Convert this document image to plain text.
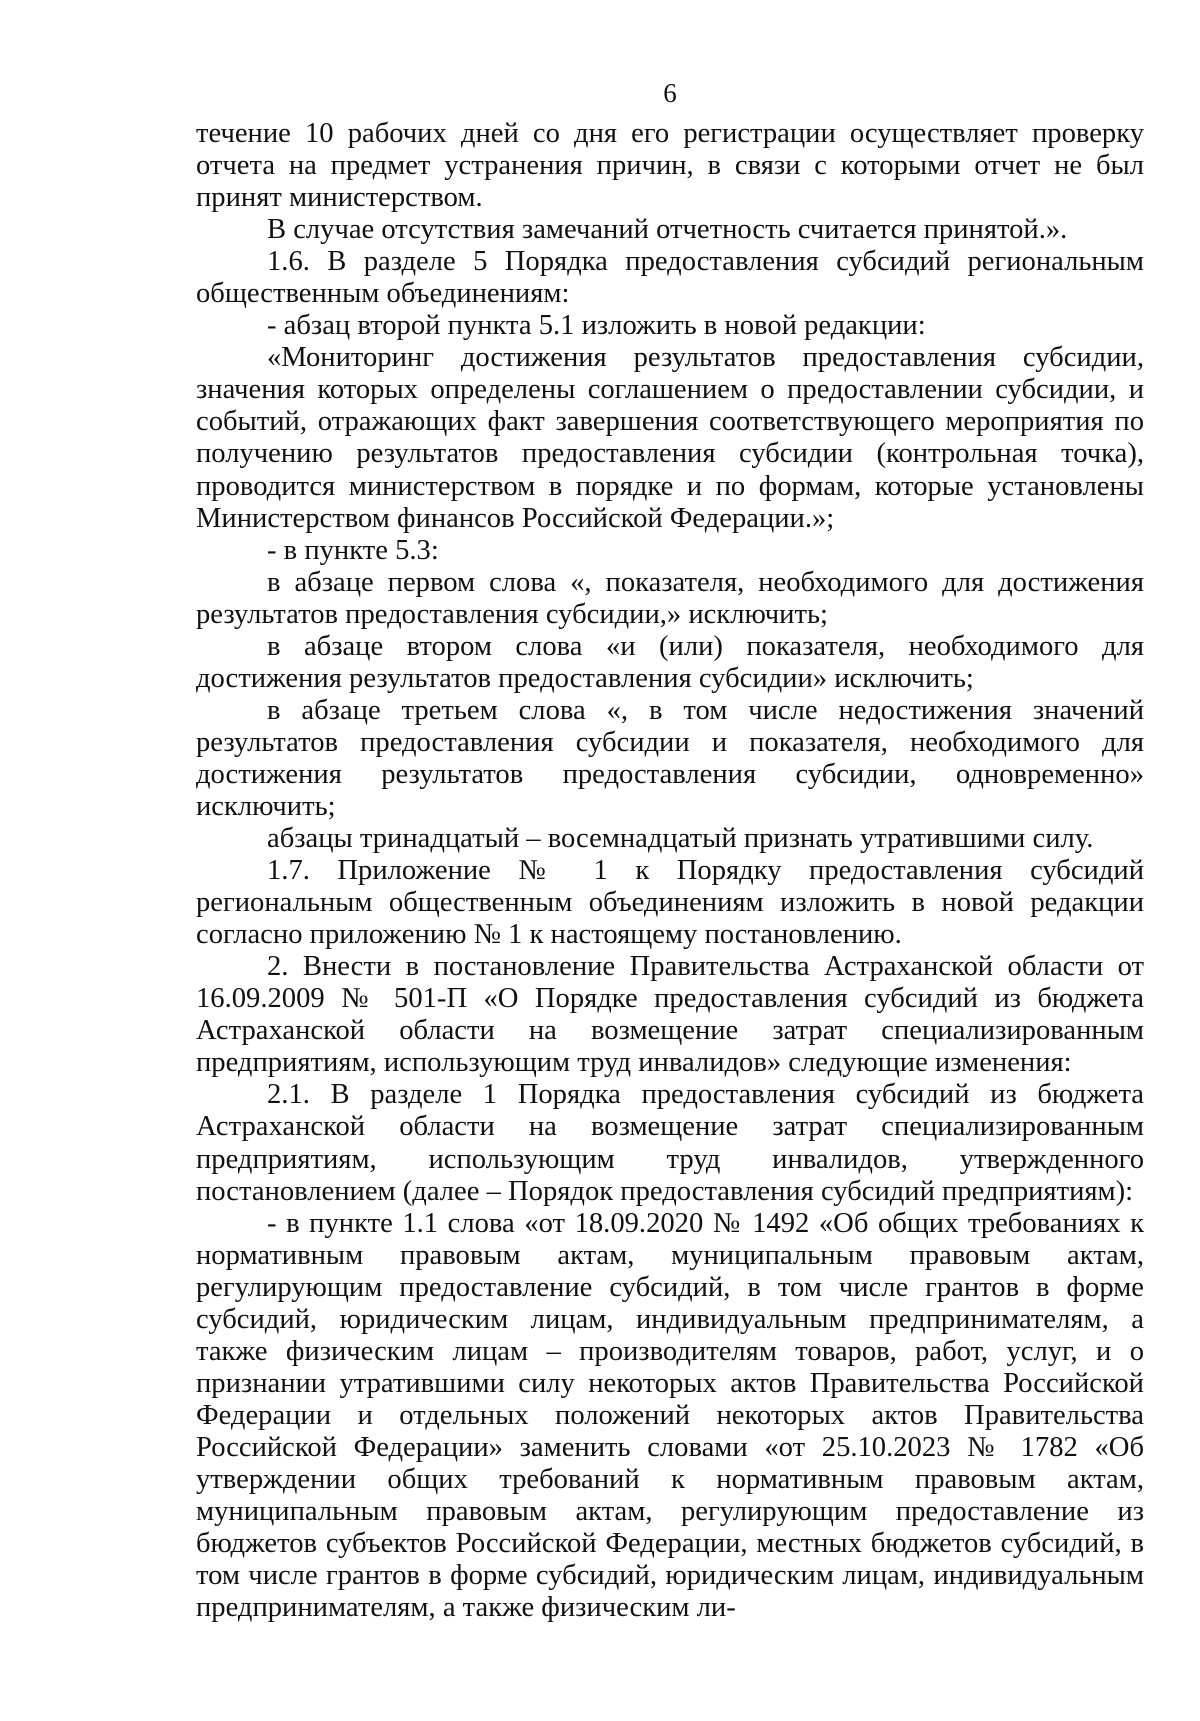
6

течение 10 рабочих дней со дня его регистрации осуществляет проверку отчета на предмет устранения причин, в связи с которыми отчет не был принят министерством.

В случае отсутствия замечаний отчетность считается принятой.».

1.6. В разделе 5 Порядка предоставления субсидий региональным общественным объединениям:

- абзац второй пункта 5.1 изложить в новой редакции:

«Мониторинг достижения результатов предоставления субсидии, значения которых определены соглашением о предоставлении субсидии, и событий, отражающих факт завершения соответствующего мероприятия по получению результатов предоставления субсидии (контрольная точка), проводится министерством в порядке и по формам, которые установлены Министерством финансов Российской Федерации.»;

- в пункте 5.3:

в абзаце первом слова «, показателя, необходимого для достижения результатов предоставления субсидии,» исключить;

в абзаце втором слова «и (или) показателя, необходимого для достижения результатов предоставления субсидии» исключить;

в абзаце третьем слова «, в том числе недостижения значений результатов предоставления субсидии и показателя, необходимого для достижения результатов предоставления субсидии, одновременно» исключить;

абзацы тринадцатый – восемнадцатый признать утратившими силу.

1.7. Приложение № 1 к Порядку предоставления субсидий региональным общественным объединениям изложить в новой редакции согласно приложению № 1 к настоящему постановлению.

2. Внести в постановление Правительства Астраханской области от 16.09.2009 № 501-П «О Порядке предоставления субсидий из бюджета Астраханской области на возмещение затрат специализированным предприятиям, использующим труд инвалидов» следующие изменения:

2.1. В разделе 1 Порядка предоставления субсидий из бюджета Астраханской области на возмещение затрат специализированным предприятиям, использующим труд инвалидов, утвержденного постановлением (далее – Порядок предоставления субсидий предприятиям):

- в пункте 1.1 слова «от 18.09.2020 № 1492 «Об общих требованиях к нормативным правовым актам, муниципальным правовым актам, регулирующим предоставление субсидий, в том числе грантов в форме субсидий, юридическим лицам, индивидуальным предпринимателям, а также физическим лицам – производителям товаров, работ, услуг, и о признании утратившими силу некоторых актов Правительства Российской Федерации и отдельных положений некоторых актов Правительства Российской Федерации» заменить словами «от 25.10.2023 № 1782 «Об утверждении общих требований к нормативным правовым актам, муниципальным правовым актам, регулирующим предоставление из бюджетов субъектов Российской Федерации, местных бюджетов субсидий, в том числе грантов в форме субсидий, юридическим лицам, индивидуальным предпринимателям, а также физическим ли-
